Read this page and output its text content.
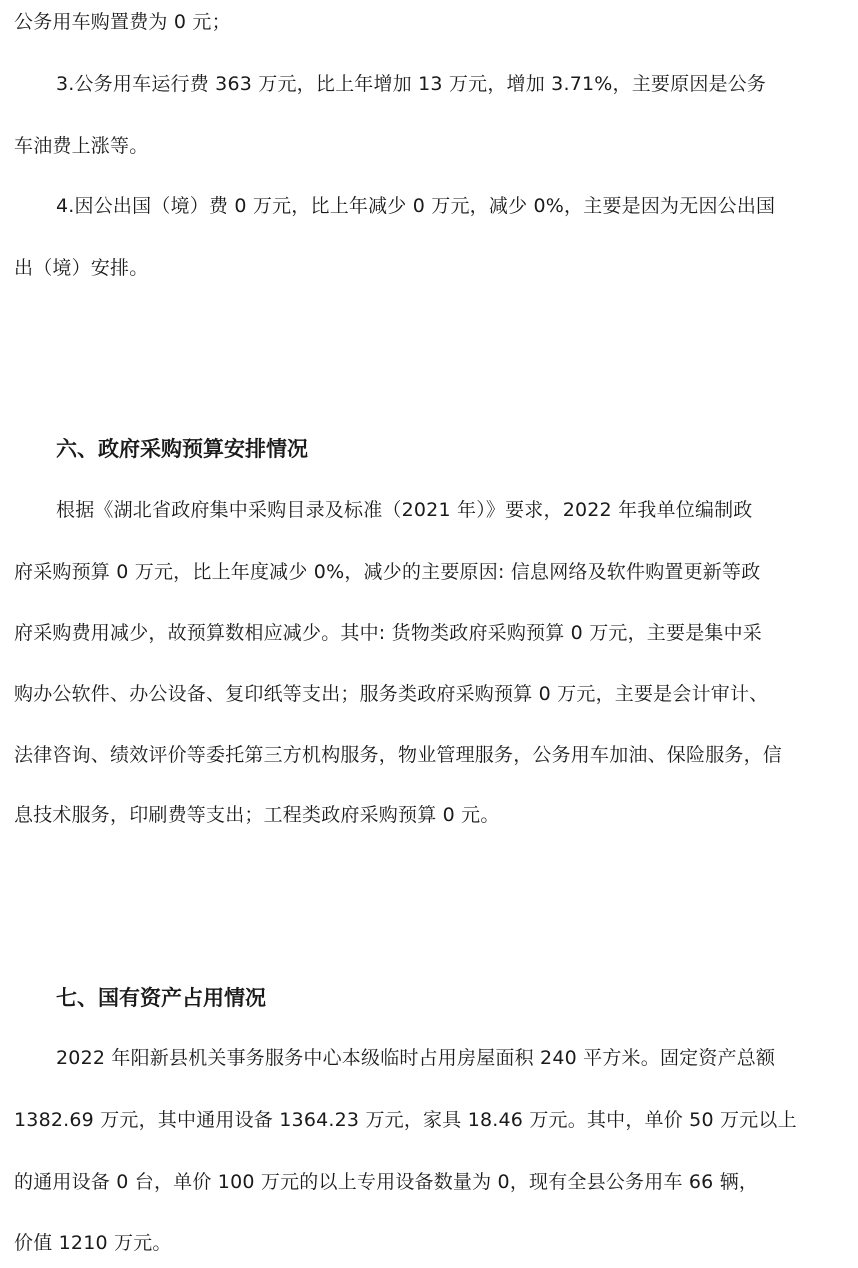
公务用车购置费为 0 元；
3.公务用车运行费 363 万元，比上年增加 13 万元，增加 3.71%，主要原因是公务
车油费上涨等。
4.因公出国（境）费 0 万元，比上年减少 0 万元，减少 0%，主要是因为无因公出国
出（境）安排。
六、政府采购预算安排情况
根据《湖北省政府集中采购目录及标准（2021 年）》要求，2022 年我单位编制政
府采购预算 0 万元，比上年度减少 0%，减少的主要原因: 信息网络及软件购置更新等政
府采购费用减少，故预算数相应减少。其中: 货物类政府采购预算 0 万元，主要是集中采
购办公软件、办公设备、复印纸等支出；服务类政府采购预算 0 万元，主要是会计审计、
法律咨询、绩效评价等委托第三方机构服务，物业管理服务，公务用车加油、保险服务，信
息技术服务，印刷费等支出；工程类政府采购预算 0 元。
七、国有资产占用情况
2022 年阳新县机关事务服务中心本级临时占用房屋面积 240 平方米。固定资产总额
1382.69 万元，其中通用设备 1364.23 万元，家具 18.46 万元。其中，单价 50 万元以上
的通用设备 0 台，单价 100 万元的以上专用设备数量为 0，现有全县公务用车 66 辆，
价值 1210 万元。
